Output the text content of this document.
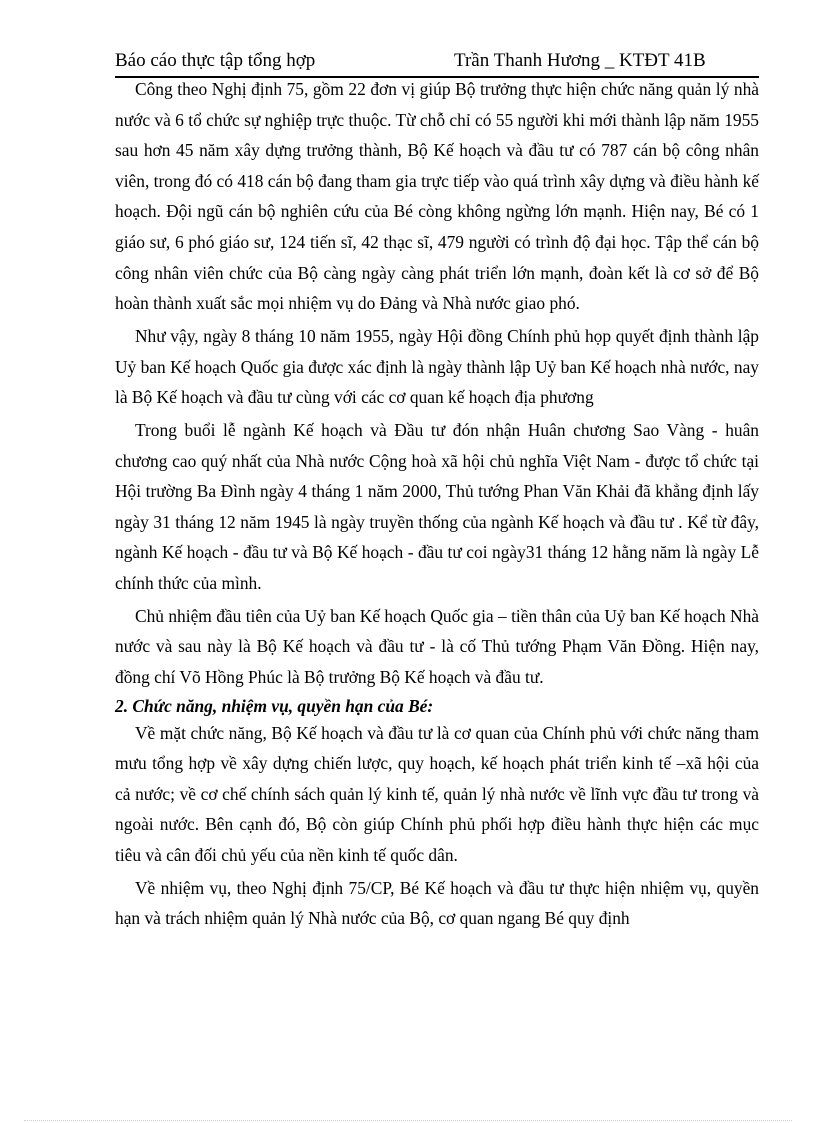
Báo cáo thực tập tổng hợp	Trần Thanh Hương _ KTĐT 41B

Công theo Nghị định 75, gồm 22 đơn vị giúp Bộ trưởng thực hiện chức năng quản lý nhà nước và 6 tổ chức sự nghiệp trực thuộc. Từ chỗ chỉ có 55 người khi mới thành lập năm 1955 sau hơn 45 năm xây dựng trưởng thành, Bộ Kế hoạch và đầu tư có 787 cán bộ công nhân viên, trong đó có 418 cán bộ đang tham gia trực tiếp vào quá trình xây dựng và điều hành kế hoạch. Đội ngũ cán bộ nghiên cứu của Bé còng không ngừng lớn mạnh. Hiện nay, Bé có 1 giáo sư, 6 phó giáo sư, 124 tiến sĩ, 42 thạc sĩ, 479 người có trình độ đại học. Tập thể cán bộ công nhân viên chức của Bộ càng ngày càng phát triển lớn mạnh, đoàn kết là cơ sở để Bộ hoàn thành xuất sắc mọi nhiệm vụ do Đảng và Nhà nước giao phó.

Như vậy, ngày 8 tháng 10 năm 1955, ngày Hội đồng Chính phủ họp quyết định thành lập Uỷ ban Kế hoạch Quốc gia được xác định là ngày thành lập Uỷ ban Kế hoạch nhà nước, nay là Bộ Kế hoạch và đầu tư cùng với các cơ quan kế hoạch địa phương

Trong buổi lễ ngành Kế hoạch và Đầu tư đón nhận Huân chương Sao Vàng - huân chương cao quý nhất của Nhà nước Cộng hoà xã hội chủ nghĩa Việt Nam - được tổ chức tại Hội trường Ba Đình ngày 4 tháng 1 năm 2000, Thủ tướng Phan Văn Khải đã khẳng định lấy ngày 31 tháng 12 năm 1945 là ngày truyền thống của ngành Kế hoạch và đầu tư . Kể từ đây, ngành Kế hoạch - đầu tư và Bộ Kế hoạch - đầu tư coi ngày31 tháng 12 hằng năm là ngày Lễ chính thức của mình.

Chủ nhiệm đầu tiên của Uỷ ban Kế hoạch Quốc gia – tiền thân của Uỷ ban Kế hoạch Nhà nước và sau này là Bộ Kế hoạch và đầu tư - là cố Thủ tướng Phạm Văn Đồng. Hiện nay, đồng chí Võ Hồng Phúc là Bộ trưởng Bộ Kế hoạch và đầu tư.

2. Chức năng, nhiệm vụ, quyền hạn của Bé:

Về mặt chức năng, Bộ Kế hoạch và đầu tư là cơ quan của Chính phủ với chức năng tham mưu tổng hợp về xây dựng chiến lược, quy hoạch, kế hoạch phát triển kinh tế –xã hội của cả nước; về cơ chế chính sách quản lý kinh tế, quản lý nhà nước về lĩnh vực đầu tư trong và ngoài nước. Bên cạnh đó, Bộ còn giúp Chính phủ phối hợp điều hành thực hiện các mục tiêu và cân đối chủ yếu của nền kinh tế quốc dân.

Về nhiệm vụ, theo Nghị định 75/CP, Bé Kế hoạch và đầu tư thực hiện nhiệm vụ, quyền hạn và trách nhiệm quản lý Nhà nước của Bộ, cơ quan ngang Bé quy định
